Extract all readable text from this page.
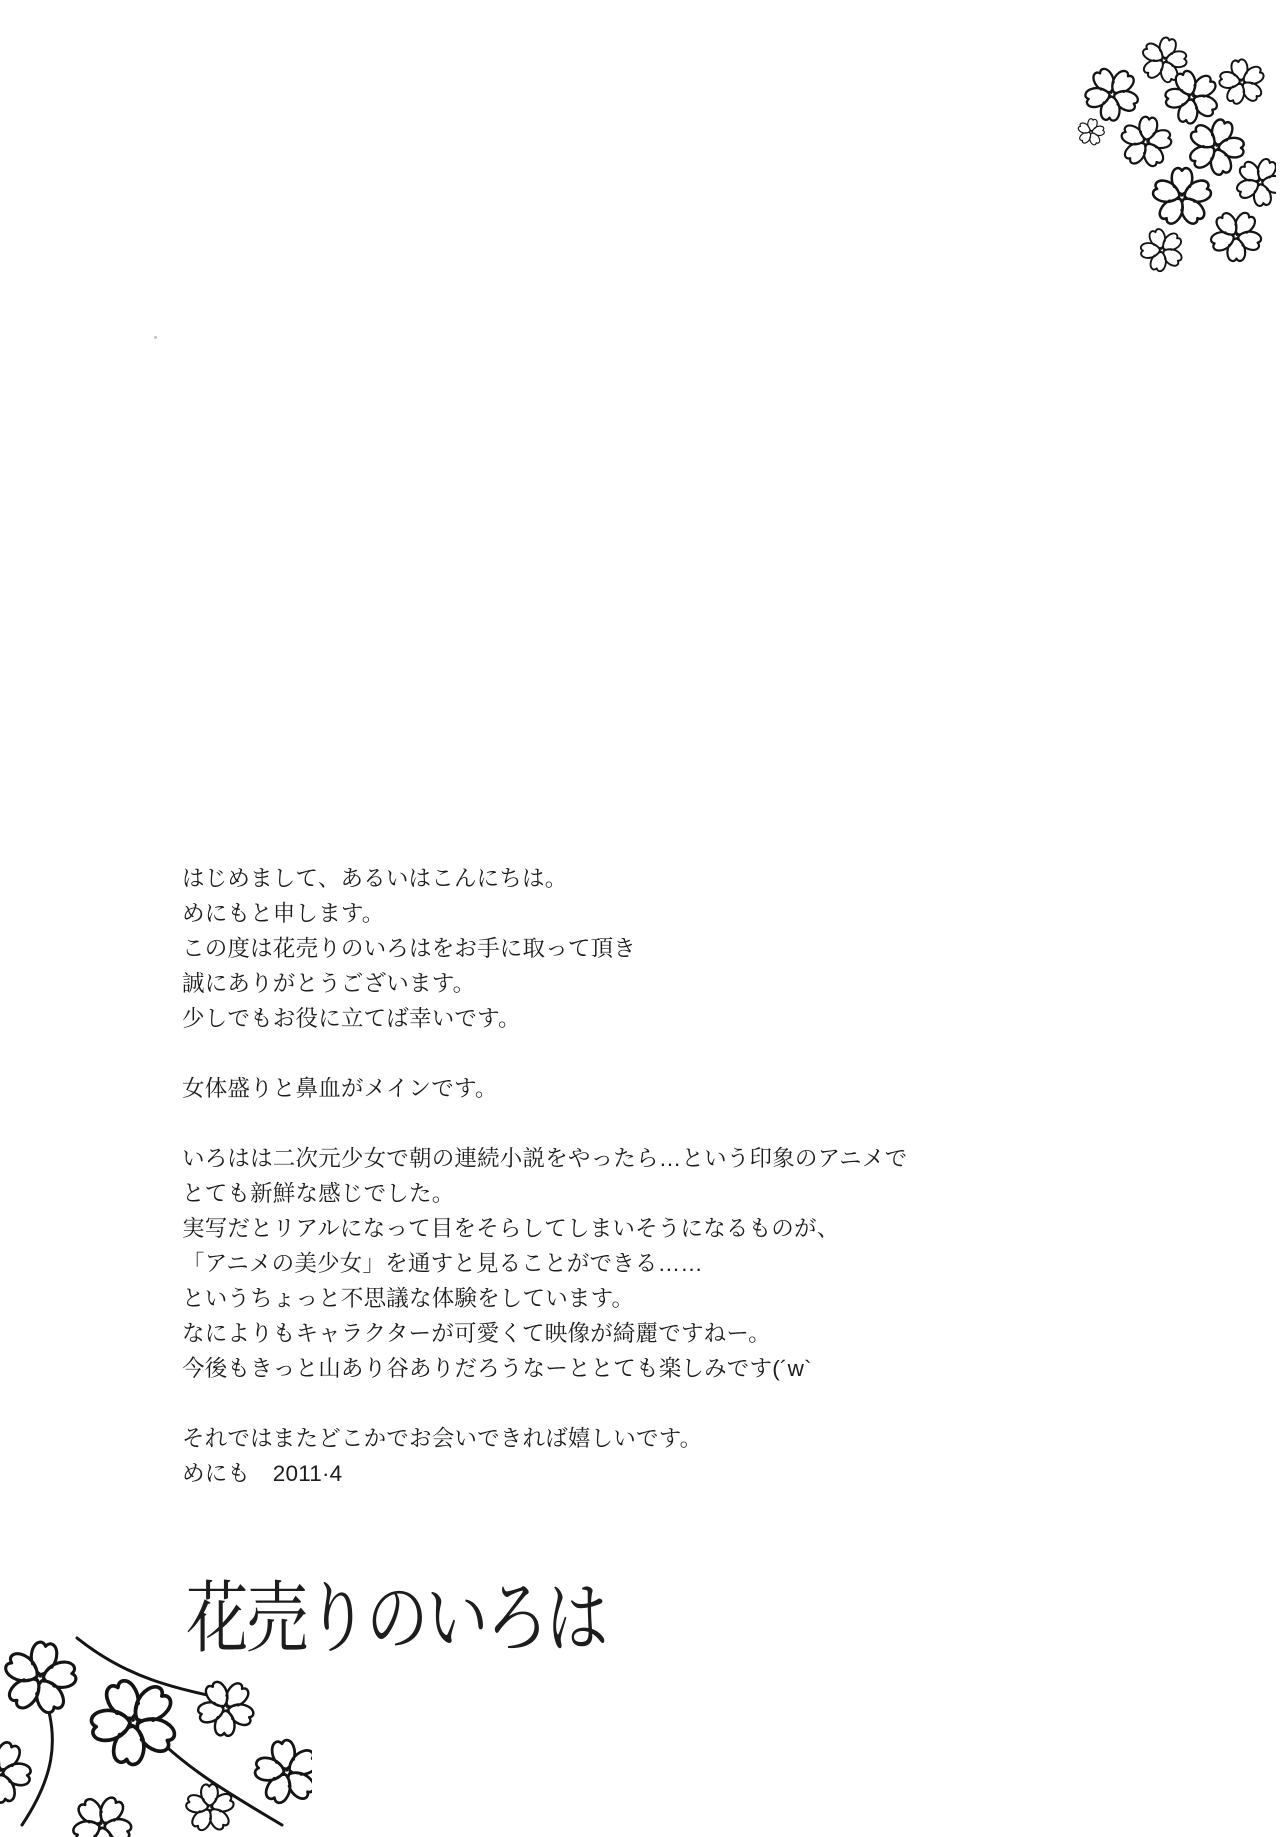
はじめまして、あるいはこんにちは。
めにもと申します。
この度は花売りのいろはをお手に取って頂き
誠にありがとうございます。
少しでもお役に立てば幸いです。

女体盛りと鼻血がメインです。

いろはは二次元少女で朝の連続小説をやったら…という印象のアニメで
とても新鮮な感じでした。
実写だとリアルになって目をそらしてしまいそうになるものが、
「アニメの美少女」を通すと見ることができる……
というちょっと不思議な体験をしています。
なによりもキャラクターが可愛くて映像が綺麗ですねー。
今後もきっと山あり谷ありだろうなーととても楽しみです(´w`

それではまたどこかでお会いできれば嬉しいです。
めにも　2011·4

花売りのいろは
